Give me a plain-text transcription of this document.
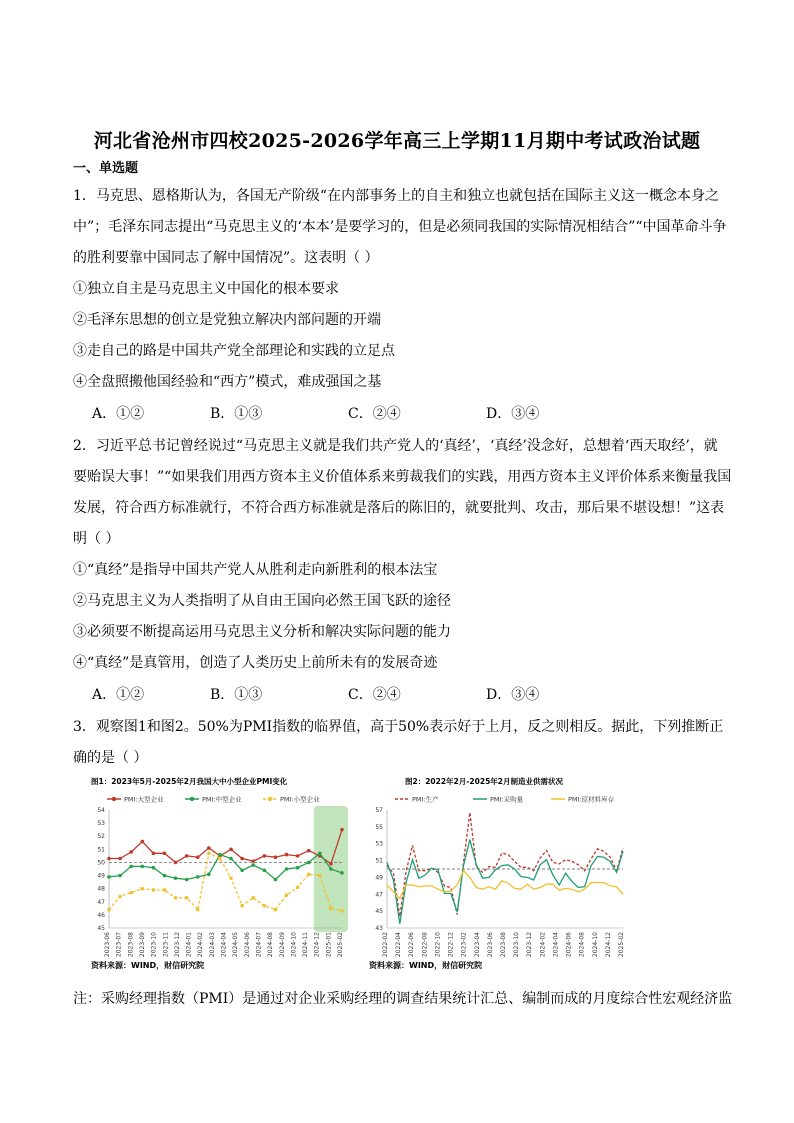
河北省沧州市四校2025-2026学年高三上学期11月期中考试政治试题
一、单选题
1．马克思、恩格斯认为，各国无产阶级“在内部事务上的自主和独立也就包括在国际主义这一概念本身之
中”；毛泽东同志提出“马克思主义的‘本本’是要学习的，但是必须同我国的实际情况相结合”“中国革命斗争
的胜利要靠中国同志了解中国情况”。这表明（ ）
①独立自主是马克思主义中国化的根本要求
②毛泽东思想的创立是党独立解决内部问题的开端
③走自己的路是中国共产党全部理论和实践的立足点
④全盘照搬他国经验和“西方”模式，难成强国之基
A．①②	B．①③	C．②④	D．③④
2．习近平总书记曾经说过“马克思主义就是我们共产党人的‘真经’，‘真经’没念好，总想着‘西天取经’，就
要贻误大事！”“如果我们用西方资本主义价值体系来剪裁我们的实践，用西方资本主义评价体系来衡量我国
发展，符合西方标准就行，不符合西方标准就是落后的陈旧的，就要批判、攻击，那后果不堪设想！”这表
明（ ）
①“真经”是指导中国共产党人从胜利走向新胜利的根本法宝
②马克思主义为人类指明了从自由王国向必然王国飞跃的途径
③必须要不断提高运用马克思主义分析和解决实际问题的能力
④“真经”是真管用，创造了人类历史上前所未有的发展奇迹
A．①②	B．①③	C．②④	D．③④
3．观察图1和图2。50%为PMI指数的临界值，高于50%表示好于上月，反之则相反。据此，下列推断正
确的是（ ）
图1：2023年5月-2025年2月我国大中小型企业PMI变化
PMI:大型企业	PMI:中型企业	PMI:小型企业
45
46
47
48
49
50
51
52
53
54
2023-06 2023-07 2023-08 2023-09 2023-10 2023-11 2023-12 2024-01 2024-02 2024-03 2024-04 2024-05 2024-06 2024-07 2024-08 2024-09 2024-10 2024-11 2024-12 2025-01 2025-02
资料来源：WIND，财信研究院
图2：2022年2月-2025年2月制造业供需状况
PMI:生产	PMI:采购量	PMI:原材料库存
43
45
47
49
51
53
55
57
2022-02 2022-04 2022-06 2022-08 2022-10 2022-12 2023-02 2023-04 2023-06 2023-08 2023-10 2023-12 2024-02 2024-04 2024-06 2024-08 2024-10 2024-12 2025-02
资料来源：WIND，财信研究院
注：采购经理指数（PMI）是通过对企业采购经理的调查结果统计汇总、编制而成的月度综合性宏观经济监
